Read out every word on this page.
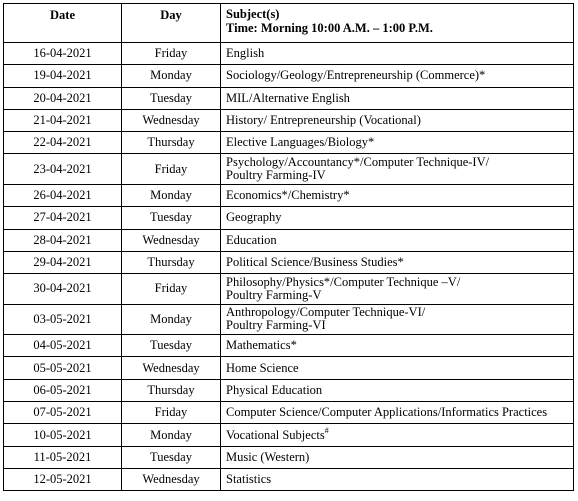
Date	Day	Subject(s)
Time: Morning 10:00 A.M. – 1:00 P.M.

16-04-2021	Friday	English
19-04-2021	Monday	Sociology/Geology/Entrepreneurship (Commerce)*
20-04-2021	Tuesday	MIL/Alternative English
21-04-2021	Wednesday	History/ Entrepreneurship (Vocational)
22-04-2021	Thursday	Elective Languages/Biology*
23-04-2021	Friday	Psychology/Accountancy*/Computer Technique-IV/
Poultry Farming-IV

26-04-2021	Monday	Economics*/Chemistry*
27-04-2021	Tuesday	Geography
28-04-2021	Wednesday	Education
29-04-2021	Thursday	Political Science/Business Studies*
30-04-2021	Friday	Philosophy/Physics*/Computer Technique –V/
Poultry Farming-V

03-05-2021	Monday	Anthropology/Computer Technique-VI/
Poultry Farming-VI

04-05-2021	Tuesday	Mathematics*
05-05-2021	Wednesday	Home Science
06-05-2021	Thursday	Physical Education
07-05-2021	Friday	Computer Science/Computer Applications/Informatics Practices
10-05-2021	Monday	Vocational Subjects#
11-05-2021	Tuesday	Music (Western)
12-05-2021	Wednesday	Statistics
